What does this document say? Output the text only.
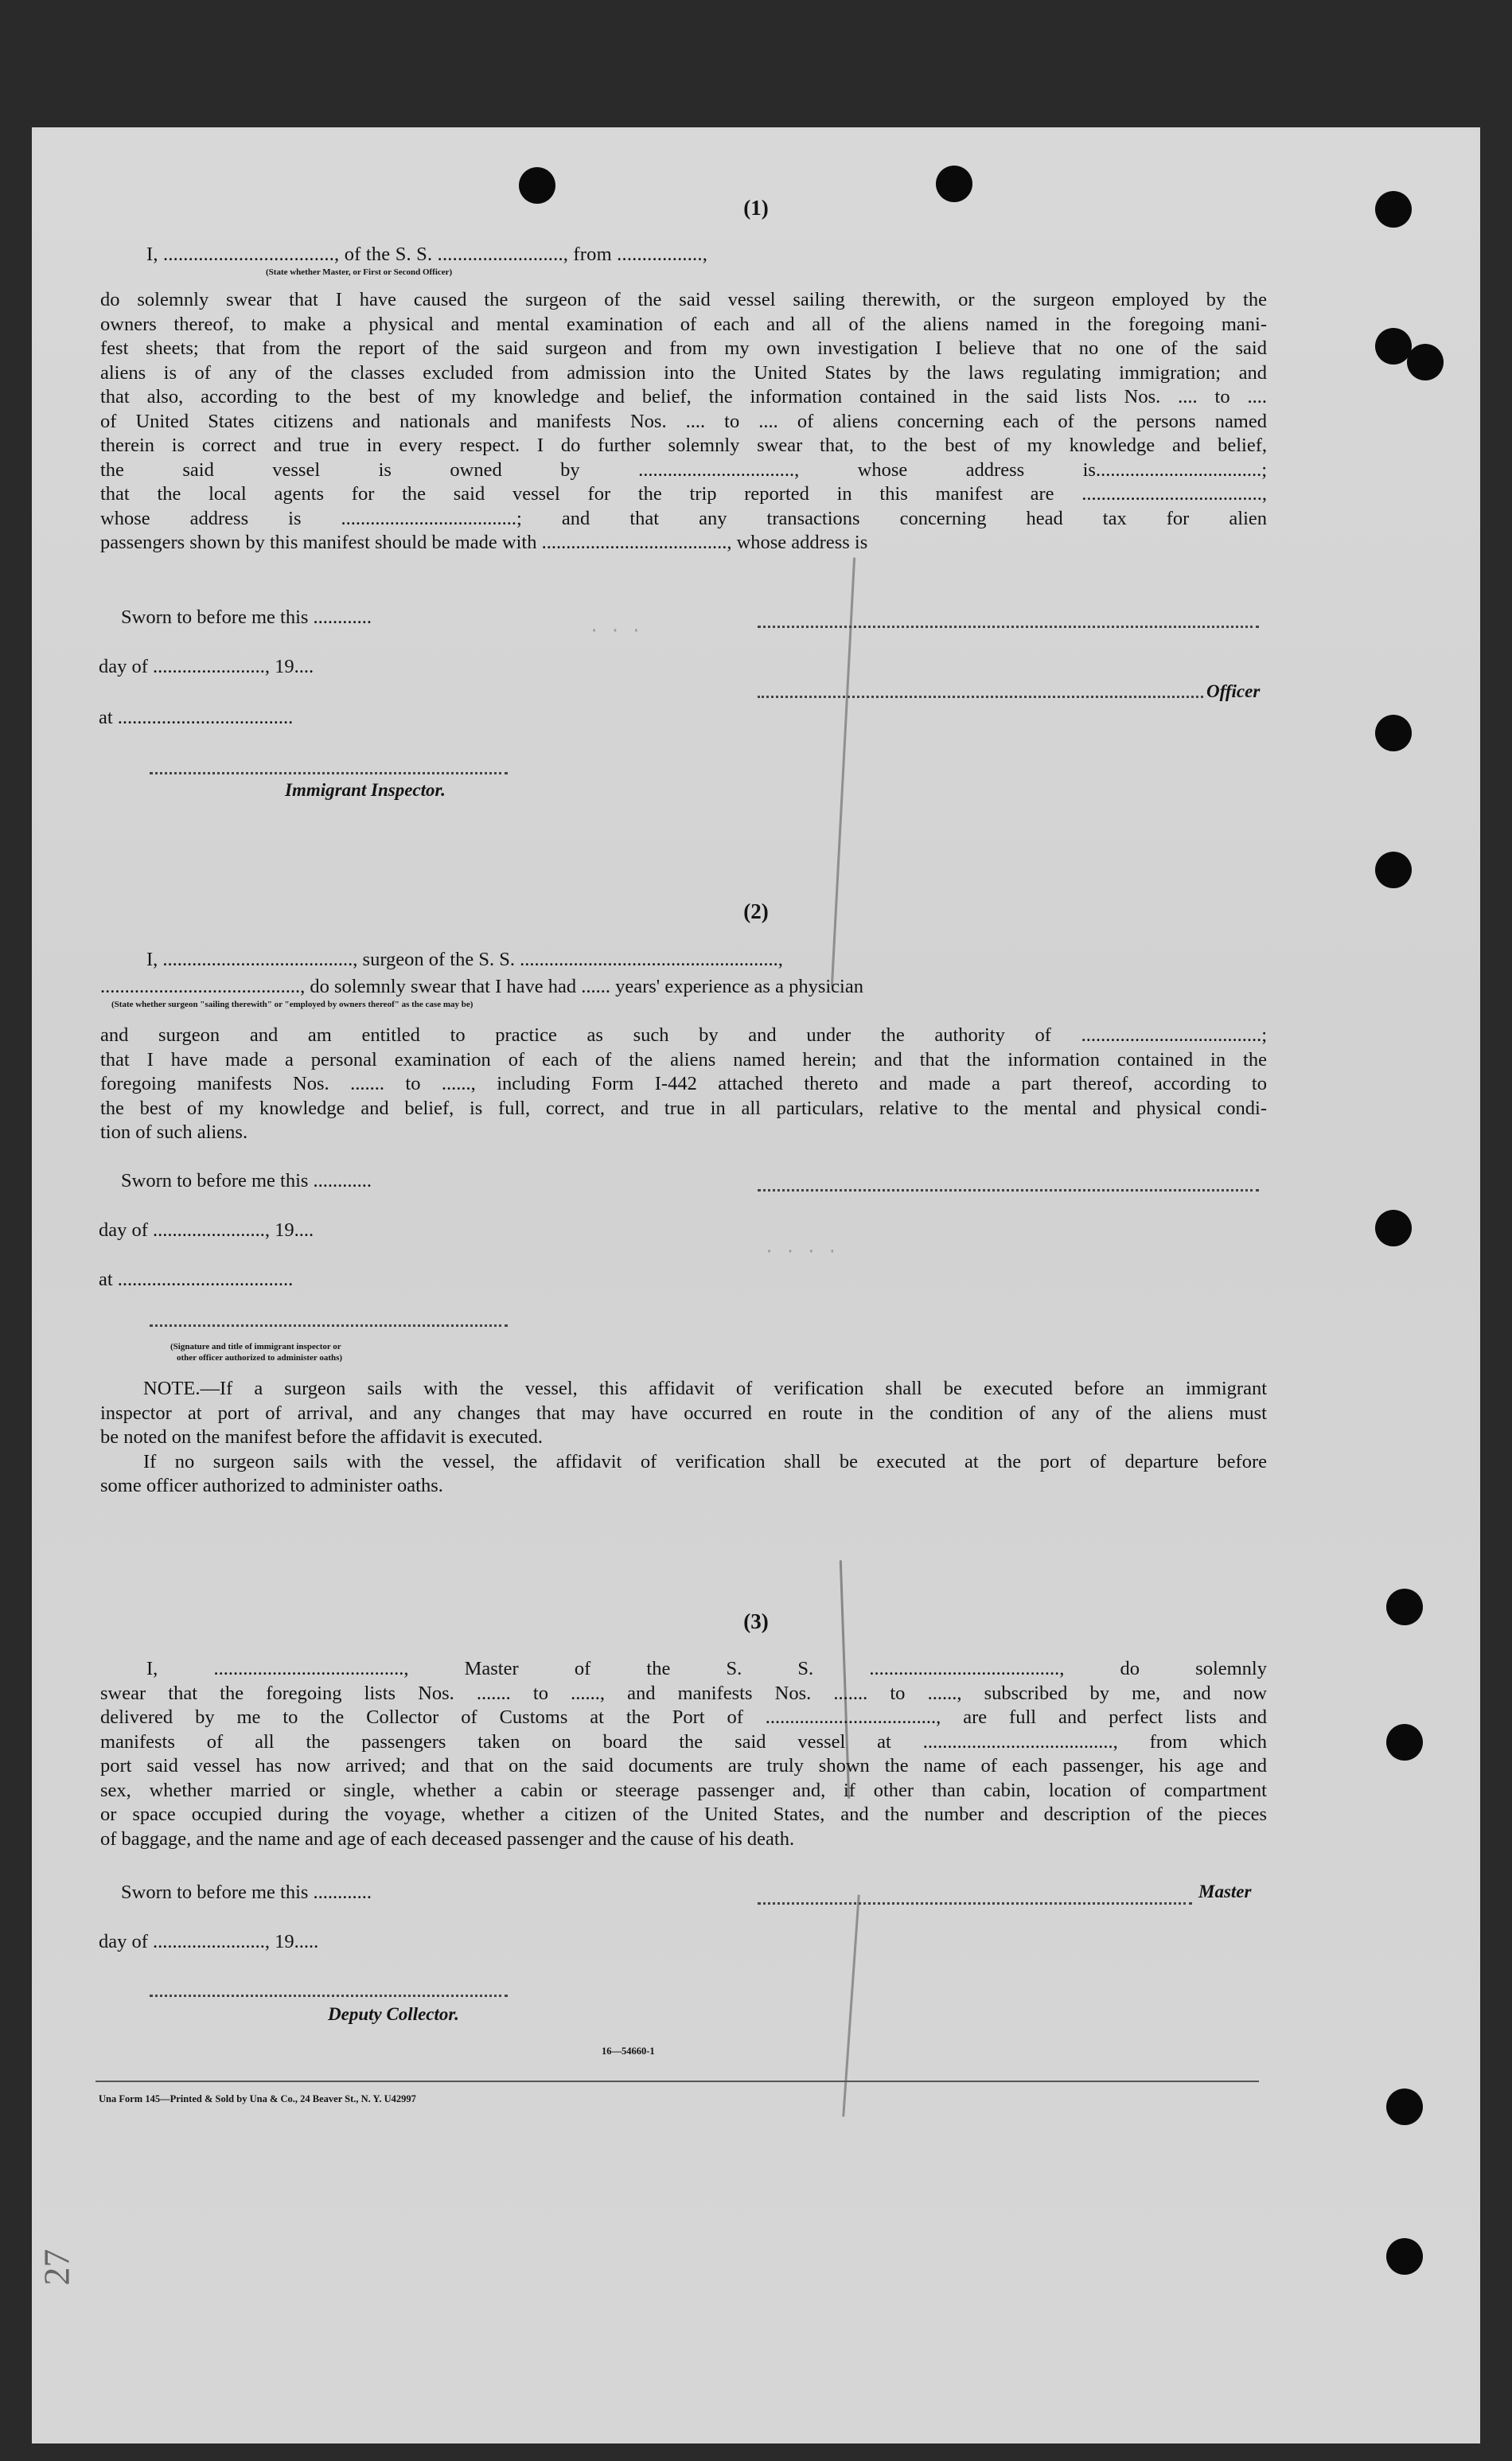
· · ·
· · · ·
(1)
I, .................................., of the S. S. ........................., from .................,
(State whether Master, or First or Second Officer)

do solemnly swear that I have caused the surgeon of the said vessel sailing therewith, or the surgeon employed by the

owners thereof, to make a physical and mental examination of each and all of the aliens named in the foregoing mani-

fest sheets; that from the report of the said surgeon and from my own investigation I believe that no one of the said

aliens is of any of the classes excluded from admission into the United States by the laws regulating immigration; and

that also, according to the best of my knowledge and belief, the information contained in the said lists Nos. .... to ....

of United States citizens and nationals and manifests Nos. .... to .... of aliens concerning each of the persons named

therein is correct and true in every respect. I do further solemnly swear that, to the best of my knowledge and belief,

the said vessel is owned by ................................, whose address is..................................;

that the local agents for the said vessel for the trip reported in this manifest are .....................................,

whose address is ....................................; and that any transactions concerning head tax for alien

passengers shown by this manifest should be made with ......................................, whose address is

Sworn to before me this ............
day of ......................., 19....
Officer
at ....................................
Immigrant Inspector.
(2)
I, ......................................., surgeon of the S. S. .....................................................,
........................................., do solemnly swear that I have had ...... years' experience as a physician
(State whether surgeon "sailing therewith" or "employed by owners thereof" as the case may be)

and surgeon and am entitled to practice as such by and under the authority of .....................................;

that I have made a personal examination of each of the aliens named herein; and that the information contained in the

foregoing manifests Nos. ....... to ......, including Form I-442 attached thereto and made a part thereof, according to

the best of my knowledge and belief, is full, correct, and true in all particulars, relative to the mental and physical condi-

tion of such aliens.

Sworn to before me this ............
day of ......................., 19....
at ....................................
(Signature and title of immigrant inspector or
other officer authorized to administer oaths)

NOTE.—If a surgeon sails with the vessel, this affidavit of verification shall be executed before an immigrant

inspector at port of arrival, and any changes that may have occurred en route in the condition of any of the aliens must

be noted on the manifest before the affidavit is executed.

If no surgeon sails with the vessel, the affidavit of verification shall be executed at the port of departure before

some officer authorized to administer oaths.

(3)

I, ......................................., Master of the S. S. ......................................., do solemnly

swear that the foregoing lists Nos. ....... to ......, and manifests Nos. ....... to ......, subscribed by me, and now

delivered by me to the Collector of Customs at the Port of ..................................., are full and perfect lists and

manifests of all the passengers taken on board the said vessel at ......................................., from which

port said vessel has now arrived; and that on the said documents are truly shown the name of each passenger, his age and

sex, whether married or single, whether a cabin or steerage passenger and, if other than cabin, location of compartment

or space occupied during the voyage, whether a citizen of the United States, and the number and description of the pieces

of baggage, and the name and age of each deceased passenger and the cause of his death.

Sworn to before me this ............	Master
day of ......................., 19.....
Deputy Collector.
16—54660-1
Una Form 145—Printed & Sold by Una & Co., 24 Beaver St., N. Y. U42997
27
